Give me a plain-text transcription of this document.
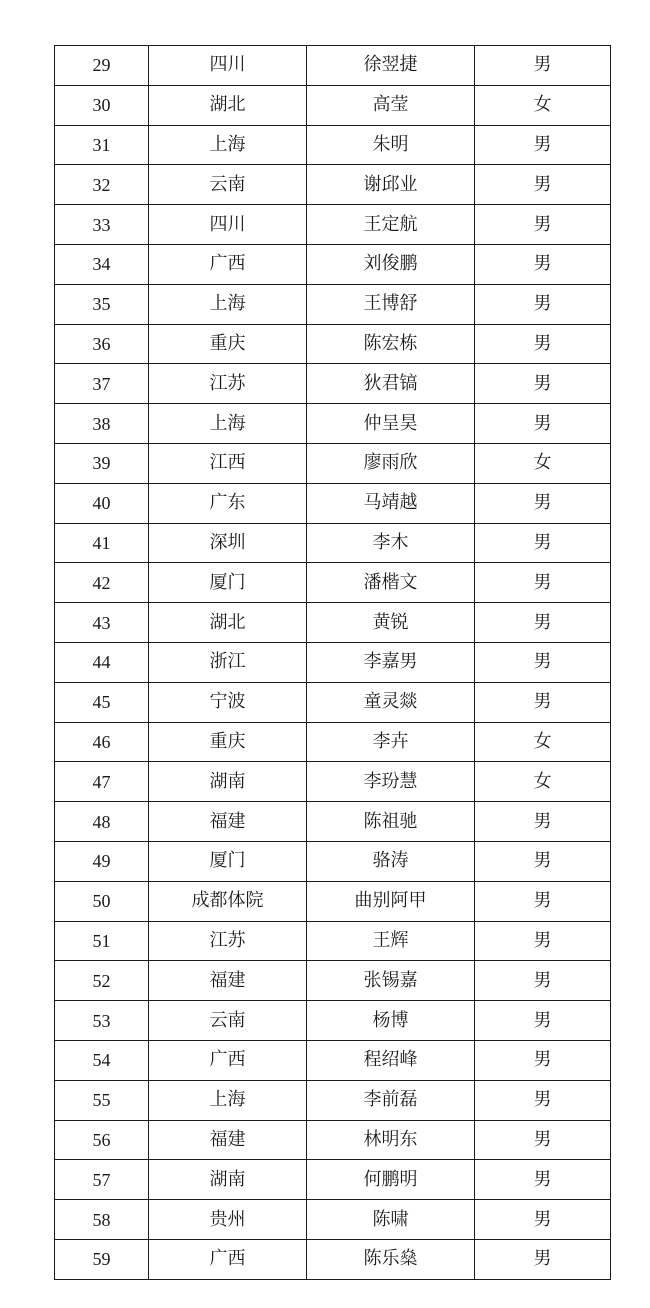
29	四川	徐翌捷	男
30	湖北	高莹	女
31	上海	朱明	男
32	云南	谢邱业	男
33	四川	王定航	男
34	广西	刘俊鹏	男
35	上海	王博舒	男
36	重庆	陈宏栋	男
37	江苏	狄君镐	男
38	上海	仲呈昊	男
39	江西	廖雨欣	女
40	广东	马靖越	男
41	深圳	李木	男
42	厦门	潘楷文	男
43	湖北	黄锐	男
44	浙江	李嘉男	男
45	宁波	童灵燚	男
46	重庆	李卉	女
47	湖南	李玢慧	女
48	福建	陈祖驰	男
49	厦门	骆涛	男
50	成都体院	曲别阿甲	男
51	江苏	王辉	男
52	福建	张锡嘉	男
53	云南	杨博	男
54	广西	程绍峰	男
55	上海	李前磊	男
56	福建	林明东	男
57	湖南	何鹏明	男
58	贵州	陈啸	男
59	广西	陈乐燊	男
